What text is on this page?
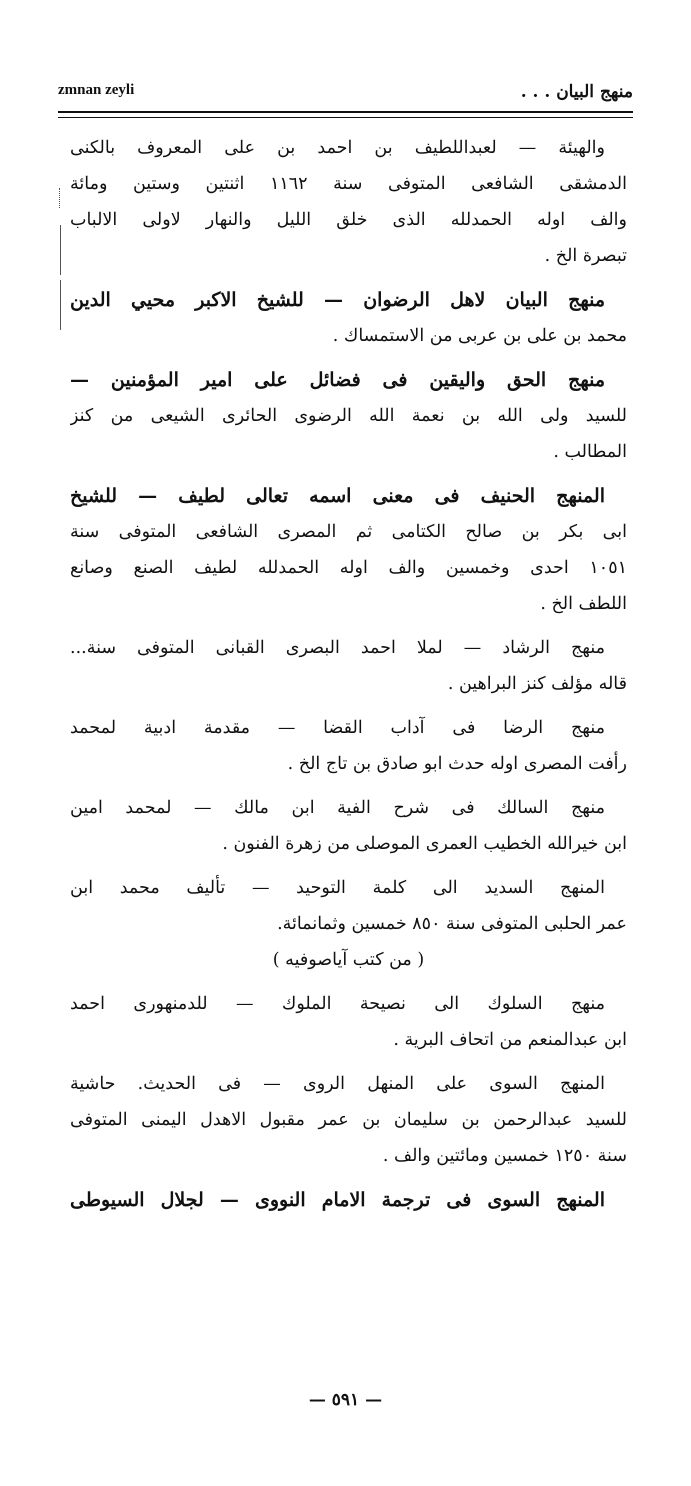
zmnan zeyli	منهج البيان . . .
والهيئة — لعبداللطيف بن احمد بن على المعروف بالكنى
الدمشقى الشافعى المتوفى سنة ١١٦٢ اثنتين وستين ومائة
والف اوله الحمدلله الذى خلق الليل والنهار لاولى الالباب
تبصرة الخ .
منهج البيان لاهل الرضوان — للشيخ الاكبر محيي الدين
محمد بن على بن عربى من الاستمساك .
منهج الحق واليقين فى فضائل على امير المؤمنين —
للسيد ولى الله بن نعمة الله الرضوى الحائرى الشيعى من كنز
المطالب .
المنهج الحنيف فى معنى اسمه تعالى لطيف — للشيخ
ابى بكر بن صالح الكتامى ثم المصرى الشافعى المتوفى سنة
١٠٥١ احدى وخمسين والف اوله الحمدلله لطيف الصنع وصانع
اللطف الخ .
منهج الرشاد — لملا احمد البصرى القبانى المتوفى سنة...
قاله مؤلف كنز البراهين .
منهج الرضا فى آداب القضا — مقدمة ادبية لمحمد
رأفت المصرى اوله حدث ابو صادق بن تاج الخ .
منهج السالك فى شرح الفية ابن مالك — لمحمد امين
ابن خيرالله الخطيب العمرى الموصلى من زهرة الفنون .
المنهج السديد الى كلمة التوحيد — تأليف محمد ابن
عمر الحلبى المتوفى سنة ٨٥٠ خمسين وثمانمائة.
( من كتب آياصوفيه )
منهج السلوك الى نصيحة الملوك — للدمنهورى احمد
ابن عبدالمنعم من اتحاف البرية .
المنهج السوى على المنهل الروى — فى الحديث. حاشية
للسيد عبدالرحمن بن سليمان بن عمر مقبول الاهدل اليمنى المتوفى
سنة ١٢٥٠ خمسين ومائتين والف .
المنهج السوى فى ترجمة الامام النووى — لجلال السيوطى
— ٥٩١ —
